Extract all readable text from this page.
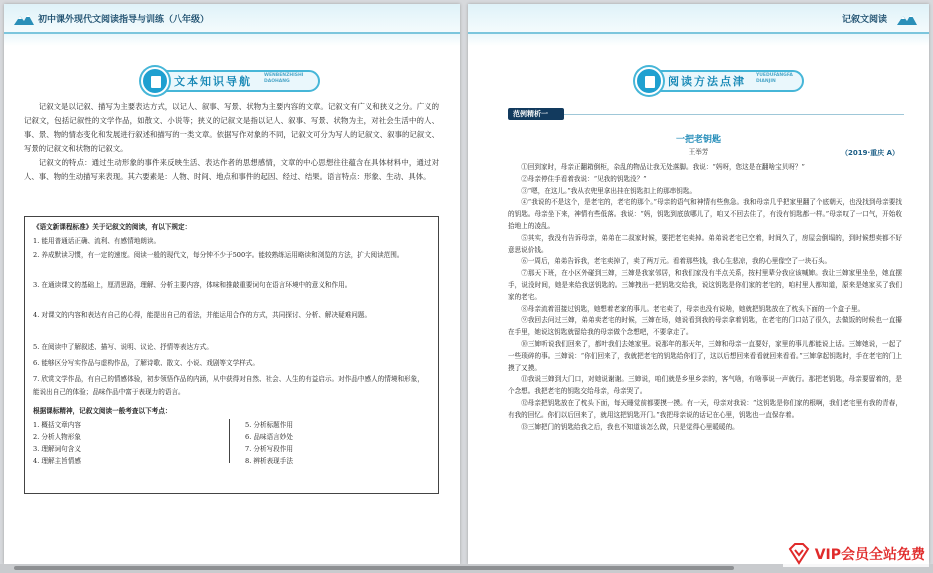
初中课外现代文阅读指导与训练（八年级）
文本知识导航	WENBENZHISHI DAOHANG

记叙文是以记叙、描写为主要表达方式，以记人、叙事、写景、状物为主要内容的文章。记叙文有广义和狭义之分。广义的记叙文，包括记叙性的文学作品，如散文、小说等；狭义的记叙文是指以记人、叙事、写景、状物为主，对社会生活中的人、事、景、物的情态变化和发展进行叙述和描写的一类文章。依据写作对象的不同，记叙文可分为写人的记叙文、叙事的记叙文、写景的记叙文和状物的记叙文。

记叙文的特点：通过生动形象的事件来反映生活、表达作者的思想感情，文章的中心思想往往蕴含在具体材料中，通过对人、事、物的生动描写来表现。其六要素是：人物、时间、地点和事件的起因、经过、结果。语言特点：形象、生动、具体。

《语文新课程标准》关于记叙文的阅读，有以下规定：
1. 能用普通话正确、流利、有感情地朗读。
2. 养成默读习惯，有一定的速度。阅读一般的现代文，每分钟不少于500字。能较熟练运用略读和浏览的方法，扩大阅读范围。
3. 在通读课文的基础上，厘清思路，理解、分析主要内容，体味和推敲重要词句在语言环境中的意义和作用。
4. 对课文的内容和表达有自己的心得，能提出自己的看法，并能运用合作的方式，共同探讨、分析、解决疑难问题。
5. 在阅读中了解叙述、描写、说明、议论、抒情等表达方式。
6. 能够区分写实作品与虚构作品，了解诗歌、散文、小说、戏剧等文学样式。
7. 欣赏文学作品，有自己的情感体验，初步领悟作品的内涵，从中获得对自然、社会、人生的有益启示。对作品中感人的情境和形象，能说出自己的体验；品味作品中富于表现力的语言。
根据课标精神，记叙文阅读一般考查以下考点：
1. 概括文章内容
2. 分析人物形象
3. 理解词句含义
4. 理解主旨情感
5. 分析标题作用
6. 品味语言妙处
7. 分析写段作用
8. 辨析表现手法
记叙文阅读
阅读方法点津 YUEDUFANGFA DIANJIN
范例精析一
一把老钥匙
王举芳	（2019·重庆 A）

①回到家时，母亲正翻箱倒柜，杂乱的物品让我无处落脚。我说：“妈呀，您这是在翻啥宝贝呀？”

②母亲停住手看着我说：“见我的钥匙没？”

③“嗯，在这儿。”我从衣兜里拿出挂在钥匙扣上的那串钥匙。

④“我说的不是这个，是老宅的，老宅的那个。”母亲的语气和神情有些焦急。我和母亲几乎把家里翻了个底朝天，也没找到母亲要找的钥匙。母亲坐下来，神情有些低落。我说：“妈，钥匙到底放哪儿了，咱又不回去住了，有没有钥匙都一样。”母亲叹了一口气，开始收拾地上的凌乱。

⑤其实，我没有告诉母亲，弟弟在二叔家时候，要把老宅卖掉。弟弟说老宅已空着，时间久了，房屋会倒塌的，到时候想卖都不好意思说价钱。

⑥一周后，弟弟告诉我，老宅卖掉了，卖了两万元。看着那些钱，我心生悲凉，我的心里像空了一块石头。

⑦那天下班，在小区外碰到三婶，三婶是我家邻居，和我们家没有半点关系，按村里辈分我应该喊婶。我让三婶家里坐坐，她直摆手，说没时间，她是来给我送钥匙的。三婶拽出一把钥匙交给我，说这钥匙是你们家的老宅的，咱村里人都知道，原来是她家买了我们家的老宅。

⑧母亲流着泪接过钥匙，她想着老家的事儿。老宅卖了，母亲也没有说啥，她就把钥匙放在了枕头下面的一个盒子里。

⑨我回去问过三婶，弟弟卖老宅的时候，三婶在场，她说看到我的母亲拿着钥匙，在老宅的门口站了很久，去做饭的时候也一直攥在手里，她说这钥匙就留给我的母亲做个念想吧，不要拿走了。

⑩三婶听说我们回来了，都叶我们去她家里。说那年的那天年，三婶和母亲一直要好，家里的事儿都能说上话。三婶她说，一起了一些琐碎的事。三婶说：“你们回来了，我就把老宅的钥匙给你们了，这以后想回来看看就回来看看。”三婶拿起钥匙时，手在老宅的门上摸了又摸。

⑪我说三婶到大门口，对她说谢谢。三婶说，咱们就是乡里乡亲的，客气啥，有啥事说一声就行。那把老钥匙，母亲要留着的，是个念想。我把老宅的钥匙交给母亲，母亲哭了。

⑫母亲把钥匙放在了枕头下面，每天睡觉前都要摸一摸。有一天，母亲对我说：“这钥匙是你们家的根啊，我们老宅里有我的青春，有我的回忆。你们以后回来了，就用这把钥匙开门。”我把母亲说的话记在心里，钥匙也一直保存着。

⑬三婶把门的钥匙给我之后，我也不知道该怎么做，只是觉得心里暖暖的。

VIP会员全站免费
